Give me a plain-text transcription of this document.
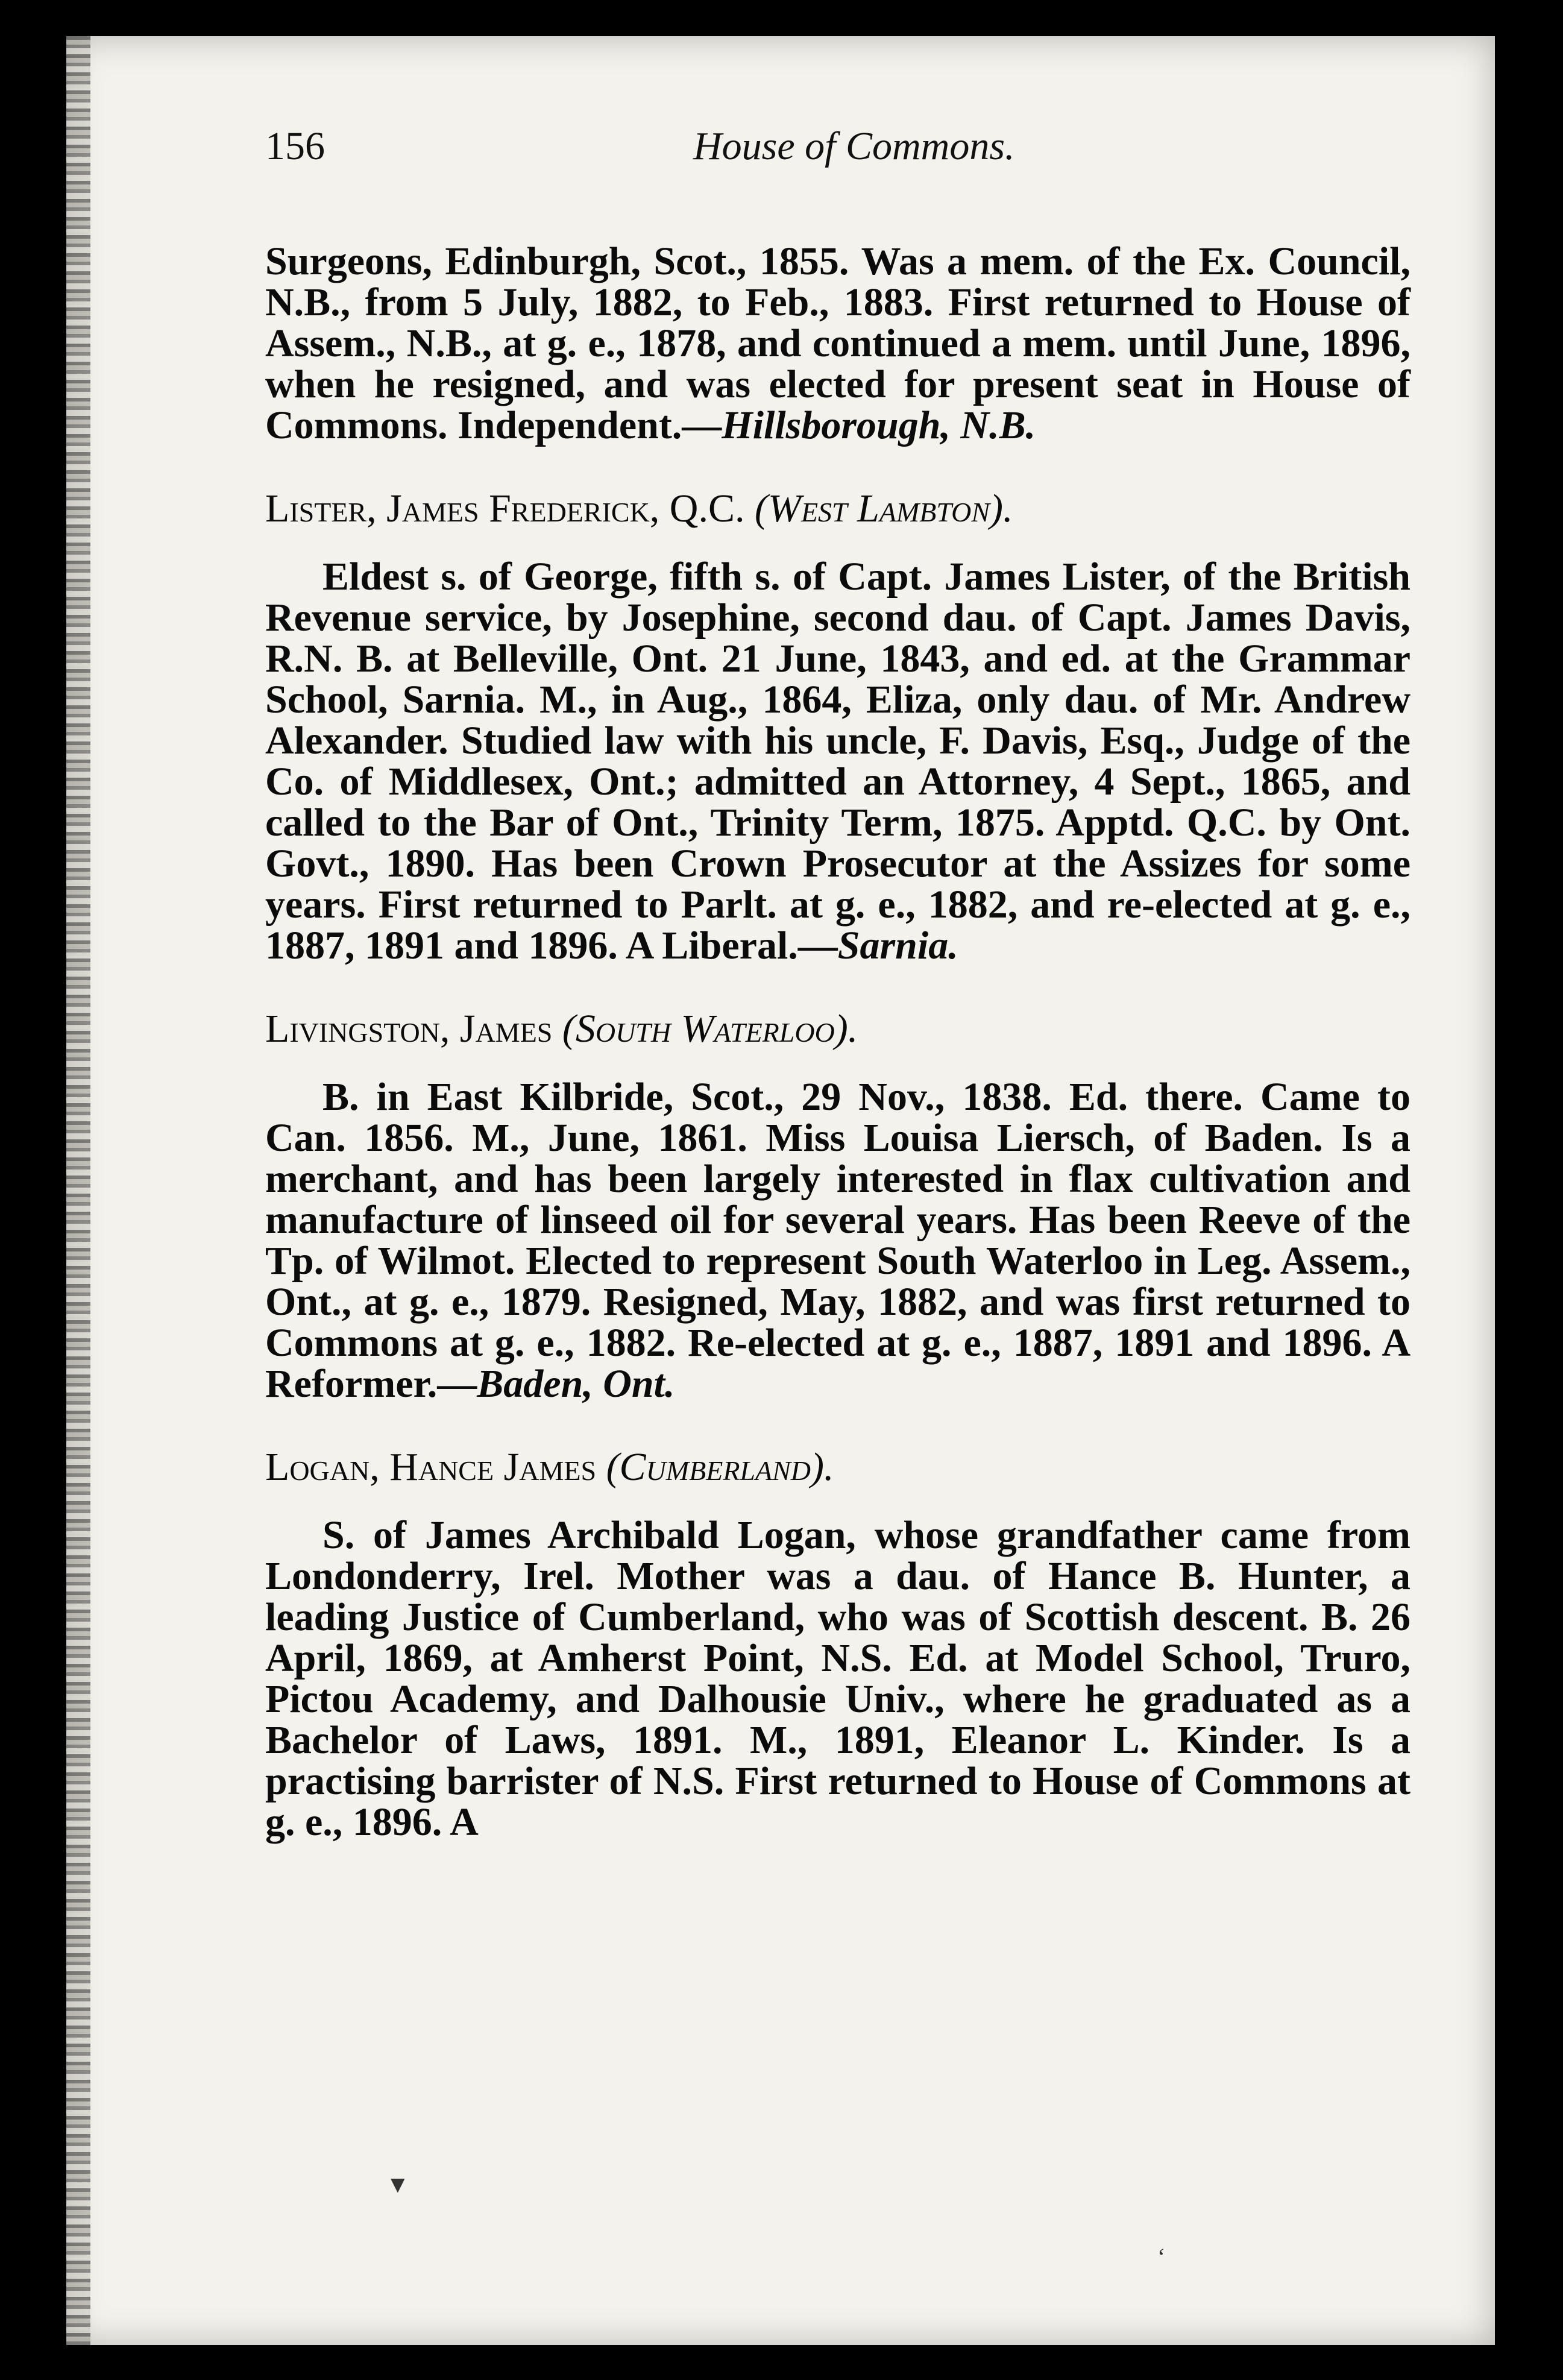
156	House of Commons.

Surgeons, Edinburgh, Scot., 1855. Was a mem. of the Ex. Council, N.B., from 5 July, 1882, to Feb., 1883. First returned to House of Assem., N.B., at g. e., 1878, and continued a mem. until June, 1896, when he resigned, and was elected for present seat in House of Commons. Independent.—Hillsborough, N.B.

Lister, James Frederick, Q.C. (West Lambton).

Eldest s. of George, fifth s. of Capt. James Lister, of the British Revenue service, by Josephine, second dau. of Capt. James Davis, R.N. B. at Belleville, Ont. 21 June, 1843, and ed. at the Grammar School, Sarnia. M., in Aug., 1864, Eliza, only dau. of Mr. Andrew Alexander. Studied law with his uncle, F. Davis, Esq., Judge of the Co. of Middlesex, Ont.; admitted an Attorney, 4 Sept., 1865, and called to the Bar of Ont., Trinity Term, 1875. Apptd. Q.C. by Ont. Govt., 1890. Has been Crown Prosecutor at the Assizes for some years. First returned to Parlt. at g. e., 1882, and re-elected at g. e., 1887, 1891 and 1896. A Liberal.—Sarnia.

Livingston, James (South Waterloo).

B. in East Kilbride, Scot., 29 Nov., 1838. Ed. there. Came to Can. 1856. M., June, 1861. Miss Louisa Liersch, of Baden. Is a merchant, and has been largely interested in flax cultivation and manufacture of linseed oil for several years. Has been Reeve of the Tp. of Wilmot. Elected to represent South Waterloo in Leg. Assem., Ont., at g. e., 1879. Resigned, May, 1882, and was first returned to Commons at g. e., 1882. Re-elected at g. e., 1887, 1891 and 1896. A Reformer.—Baden, Ont.

Logan, Hance James (Cumberland).

S. of James Archibald Logan, whose grandfather came from Londonderry, Irel. Mother was a dau. of Hance B. Hunter, a leading Justice of Cumberland, who was of Scottish descent. B. 26 April, 1869, at Amherst Point, N.S. Ed. at Model School, Truro, Pictou Academy, and Dalhousie Univ., where he graduated as a Bachelor of Laws, 1891. M., 1891, Eleanor L. Kinder. Is a practising barrister of N.S. First returned to House of Commons at g. e., 1896. A

▼
‘
